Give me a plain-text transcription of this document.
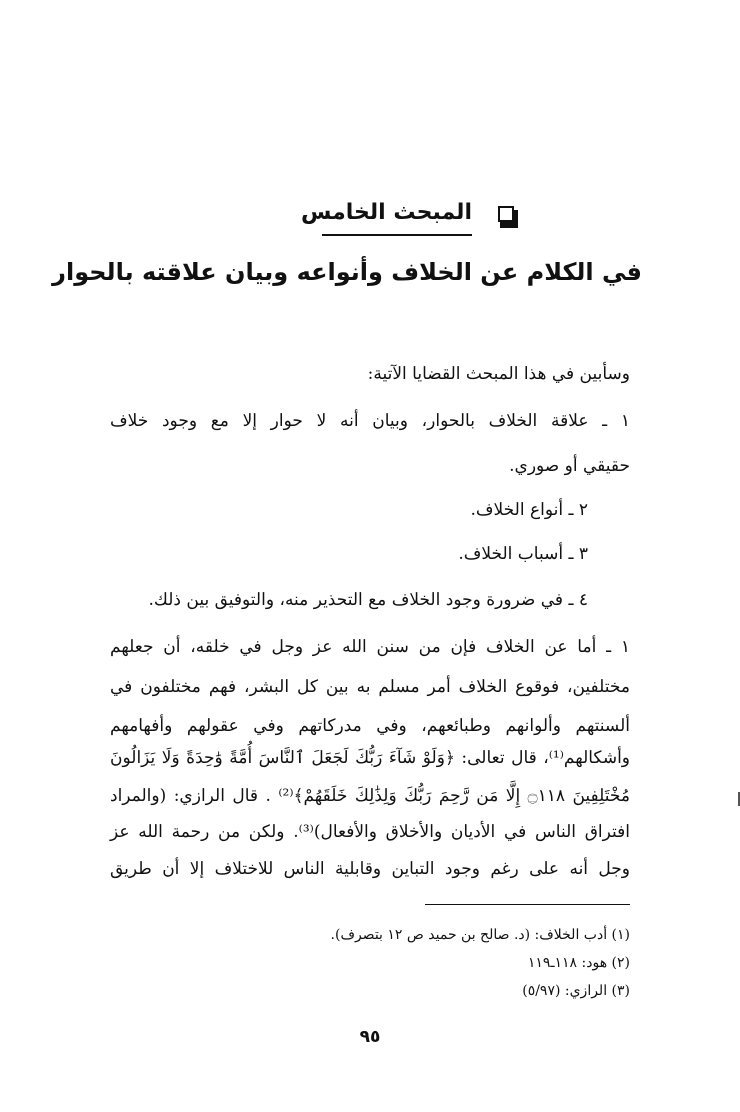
المبحث الخامس
في الكلام عن الخلاف وأنواعه وبيان علاقته بالحوار
وسأبين في هذا المبحث القضايا الآتية:
١ ـ علاقة الخلاف بالحوار، وبيان أنه لا حوار إلا مع وجود خلاف
حقيقي أو صوري.
٢ ـ أنواع الخلاف.
٣ ـ أسباب الخلاف.
٤ ـ في ضرورة وجود الخلاف مع التحذير منه، والتوفيق بين ذلك.
١ ـ أما عن الخلاف فإن من سنن الله عز وجل في خلقه، أن جعلهم
مختلفين، فوقوع الخلاف أمر مسلم به بين كل البشر، فهم مختلفون في
ألسنتهم وألوانهم وطبائعهم، وفي مدركاتهم وفي عقولهم وأفهامهم
وأشكالهم⁽¹⁾، قال تعالى: ﴿وَلَوْ شَآءَ رَبُّكَ لَجَعَلَ ٱلنَّاسَ أُمَّةً وَٰحِدَةً وَلَا يَزَالُونَ
مُخْتَلِفِينَ ۝١١٨ إِلَّا مَن رَّحِمَ رَبُّكَ وَلِذَٰلِكَ خَلَقَهُمْ﴾⁽²⁾ . قال الرازي: (والمراد
افتراق الناس في الأديان والأخلاق والأفعال)⁽³⁾. ولكن من رحمة الله عز
وجل أنه على رغم وجود التباين وقابلية الناس للاختلاف إلا أن طريق
(١) أدب الخلاف: (د. صالح بن حميد ص ١٢ بتصرف).
(٢) هود: ١١٨ـ١١٩
(٣) الرازي: (٥/٩٧)
٩٥
